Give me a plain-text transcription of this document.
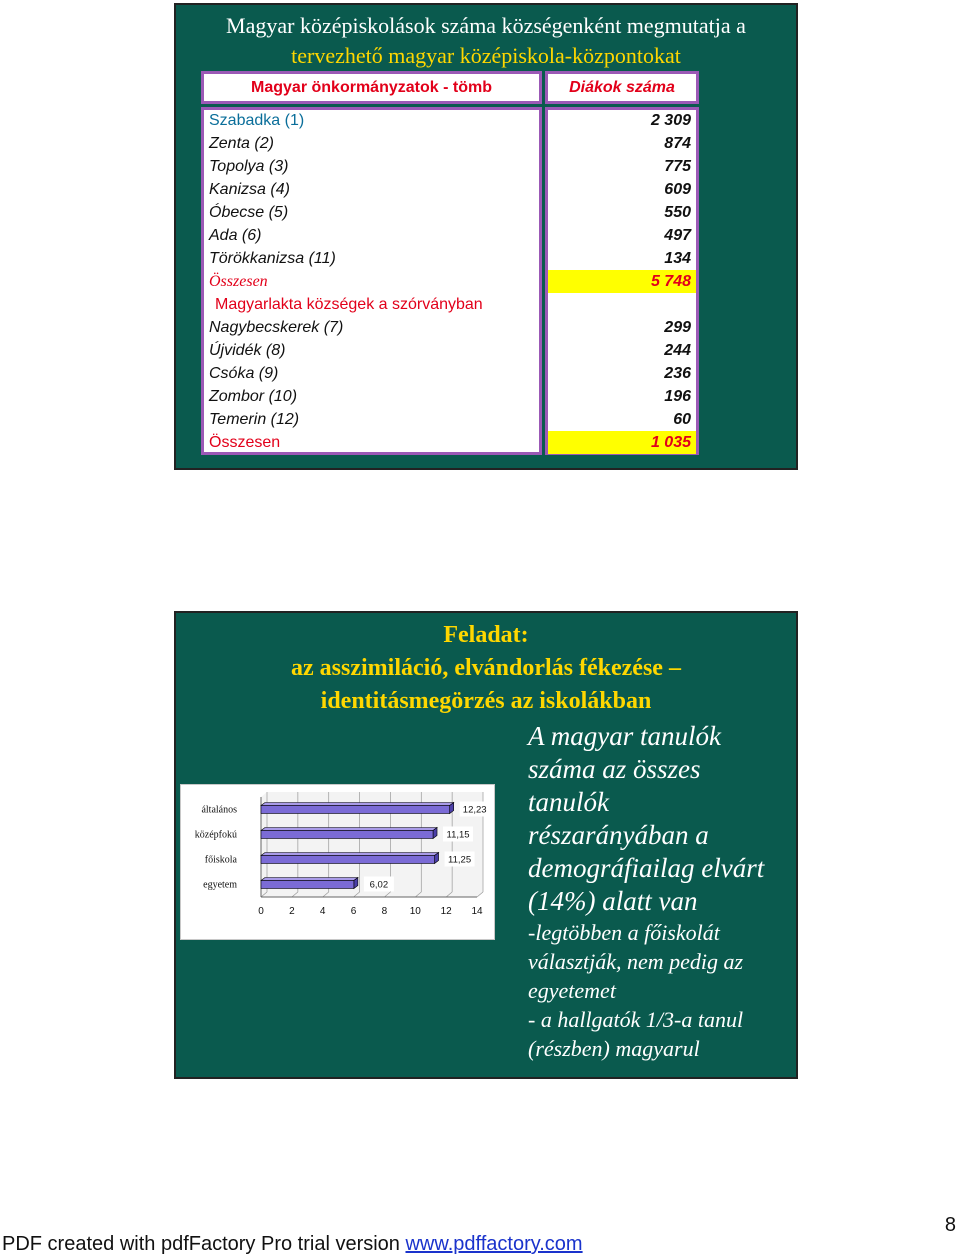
Magyar középiskolások száma községenként megmutatja a
tervezhető magyar középiskola-központokat
Magyar önkormányzatok - tömb	Diákok száma
Szabadka (1)	2 309
Zenta (2)	874
Topolya (3)	775
Kanizsa (4)	609
Óbecse (5)	550
Ada (6)	497
Törökkanizsa (11)	134
Összesen	5 748
Magyarlakta községek a szórványban
Nagybecskerek (7)	299
Újvidék (8)	244
Csóka (9)	236
Zombor (10)	196
Temerin (12)	60
Összesen	1 035
Feladat:
az asszimiláció, elvándorlás fékezése –
identitásmegörzés az iskolákban
0	2	4	6	8 10 12 14
általános	12,23
középfokú	11,15
főiskola	11,25
egyetem	6,02
A magyar tanulók
száma az összes
tanulók
részarányában a
demográfiailag elvárt
(14%) alatt van
-legtöbben a főiskolát
választják, nem pedig az
egyetemet
- a hallgatók 1/3-a tanul
(részben) magyarul
PDF created with pdfFactory Pro trial version www.pdffactory.com
8
